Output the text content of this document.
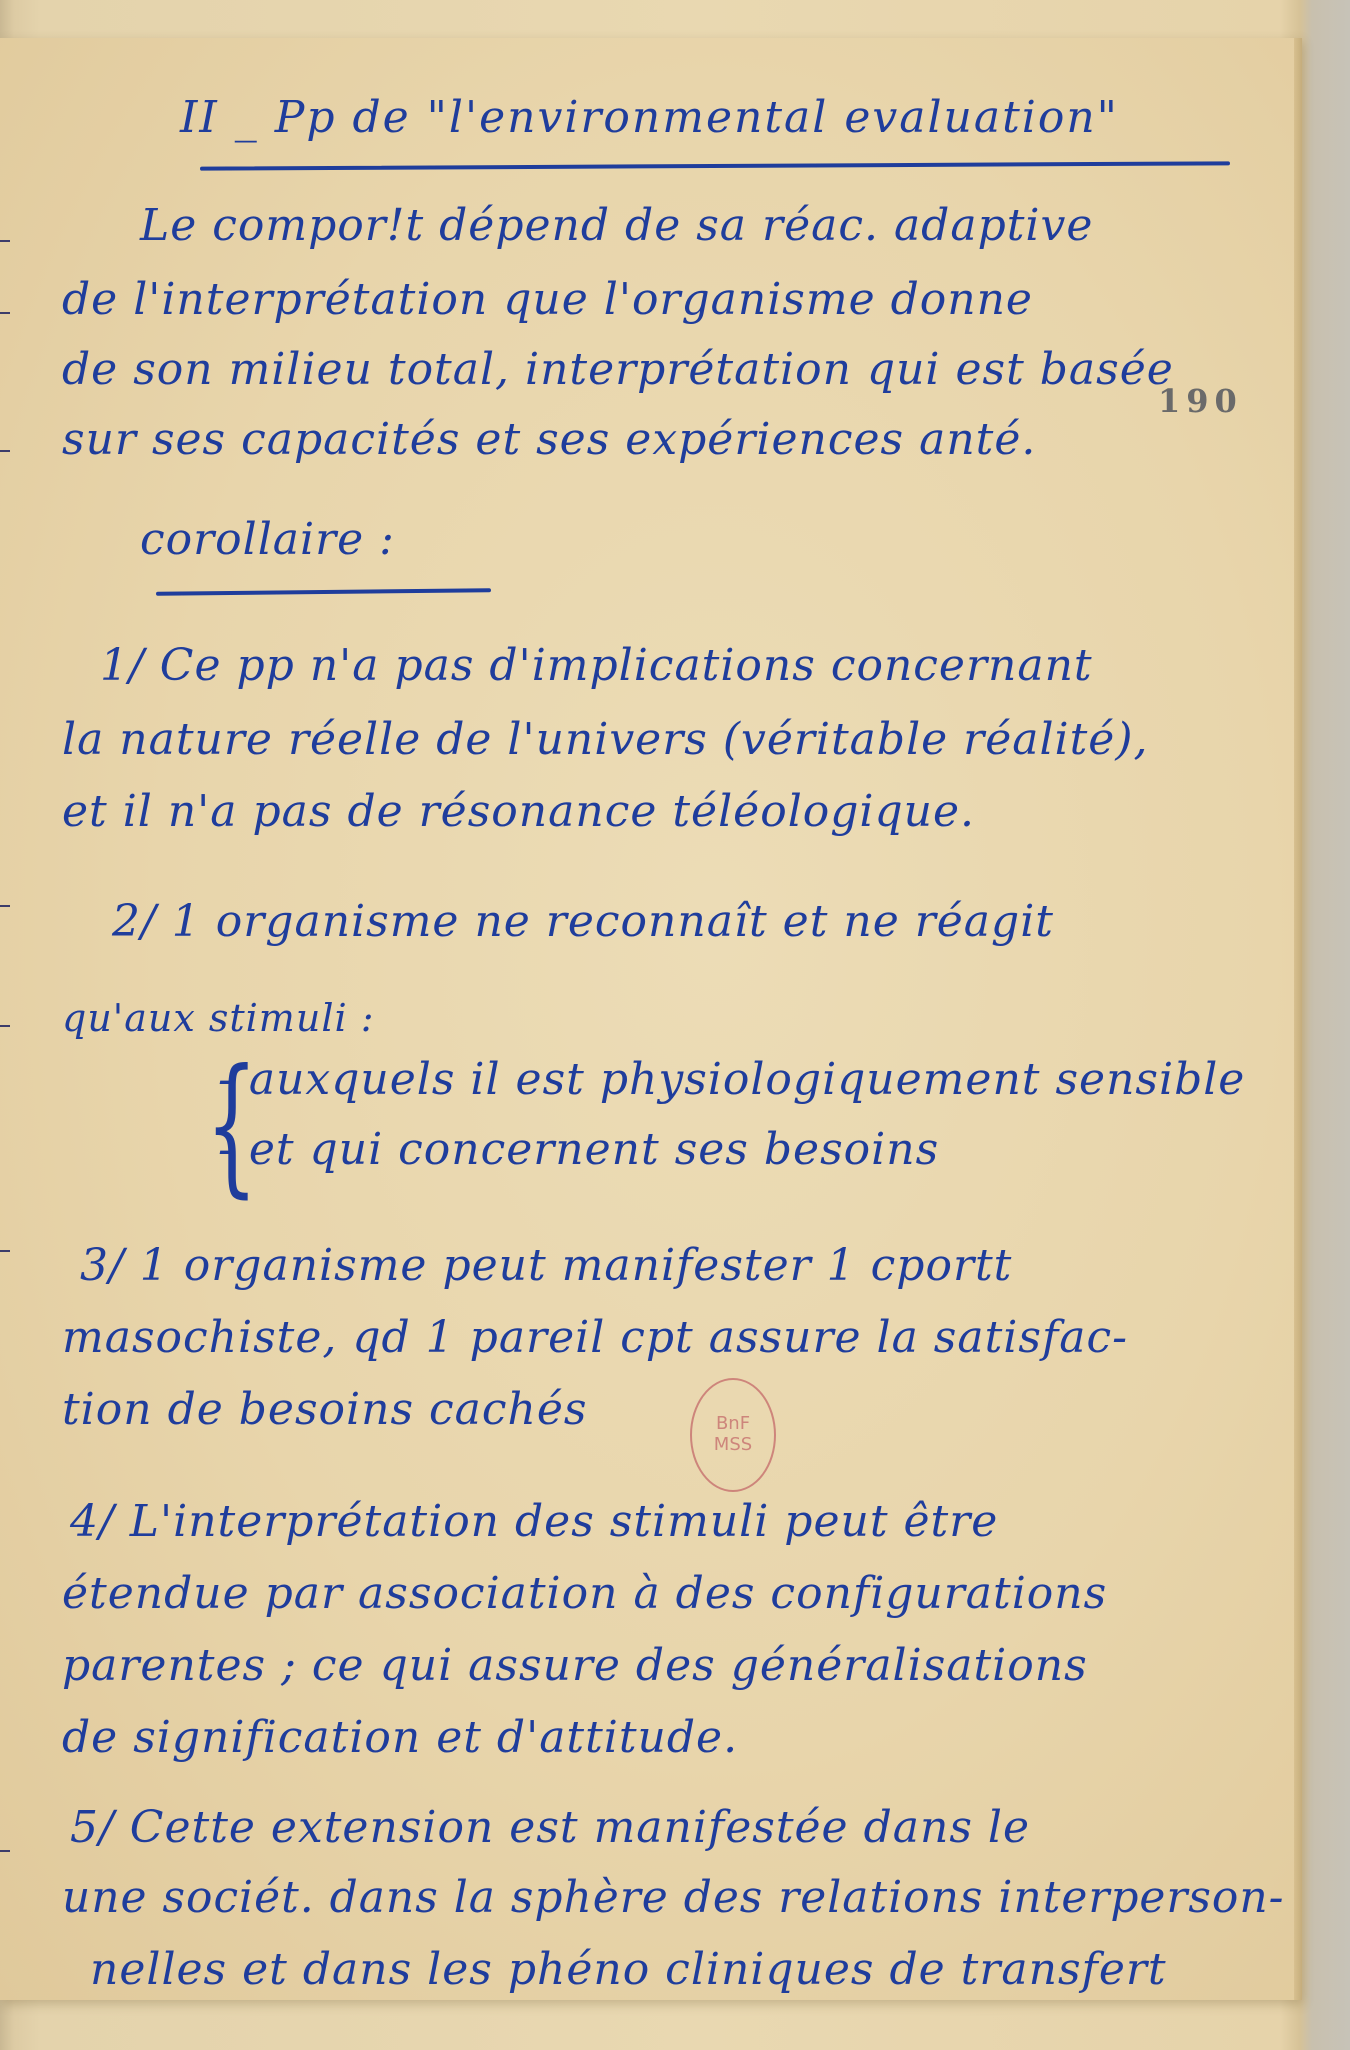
II _ Pp de "l'environmental evaluation"
Le compor!t dépend de sa réac. adaptive
de l'interprétation que l'organisme donne
de son milieu total, interprétation qui est basée
sur ses capacités et ses expériences anté.
190
corollaire :
1/ Ce pp n'a pas d'implications concernant
la nature réelle de l'univers (véritable réalité),
et il n'a pas de résonance téléologique.
2/ 1 organisme ne reconnaît et ne réagit
qu'aux stimuli :
{
- auxquels il est physiologiquement sensible
- et qui concernent ses besoins
3/ 1 organisme peut manifester 1 cportt
masochiste, qd 1 pareil cpt assure la satisfac-
tion de besoins cachés	BnF
MSS
4/ L'interprétation des stimuli peut être
étendue par association à des configurations
parentes ; ce qui assure des généralisations
de signification et d'attitude.
5/ Cette extension est manifestée dans le
une sociét. dans la sphère des relations interperson-
nelles et dans les phéno cliniques de transfert
